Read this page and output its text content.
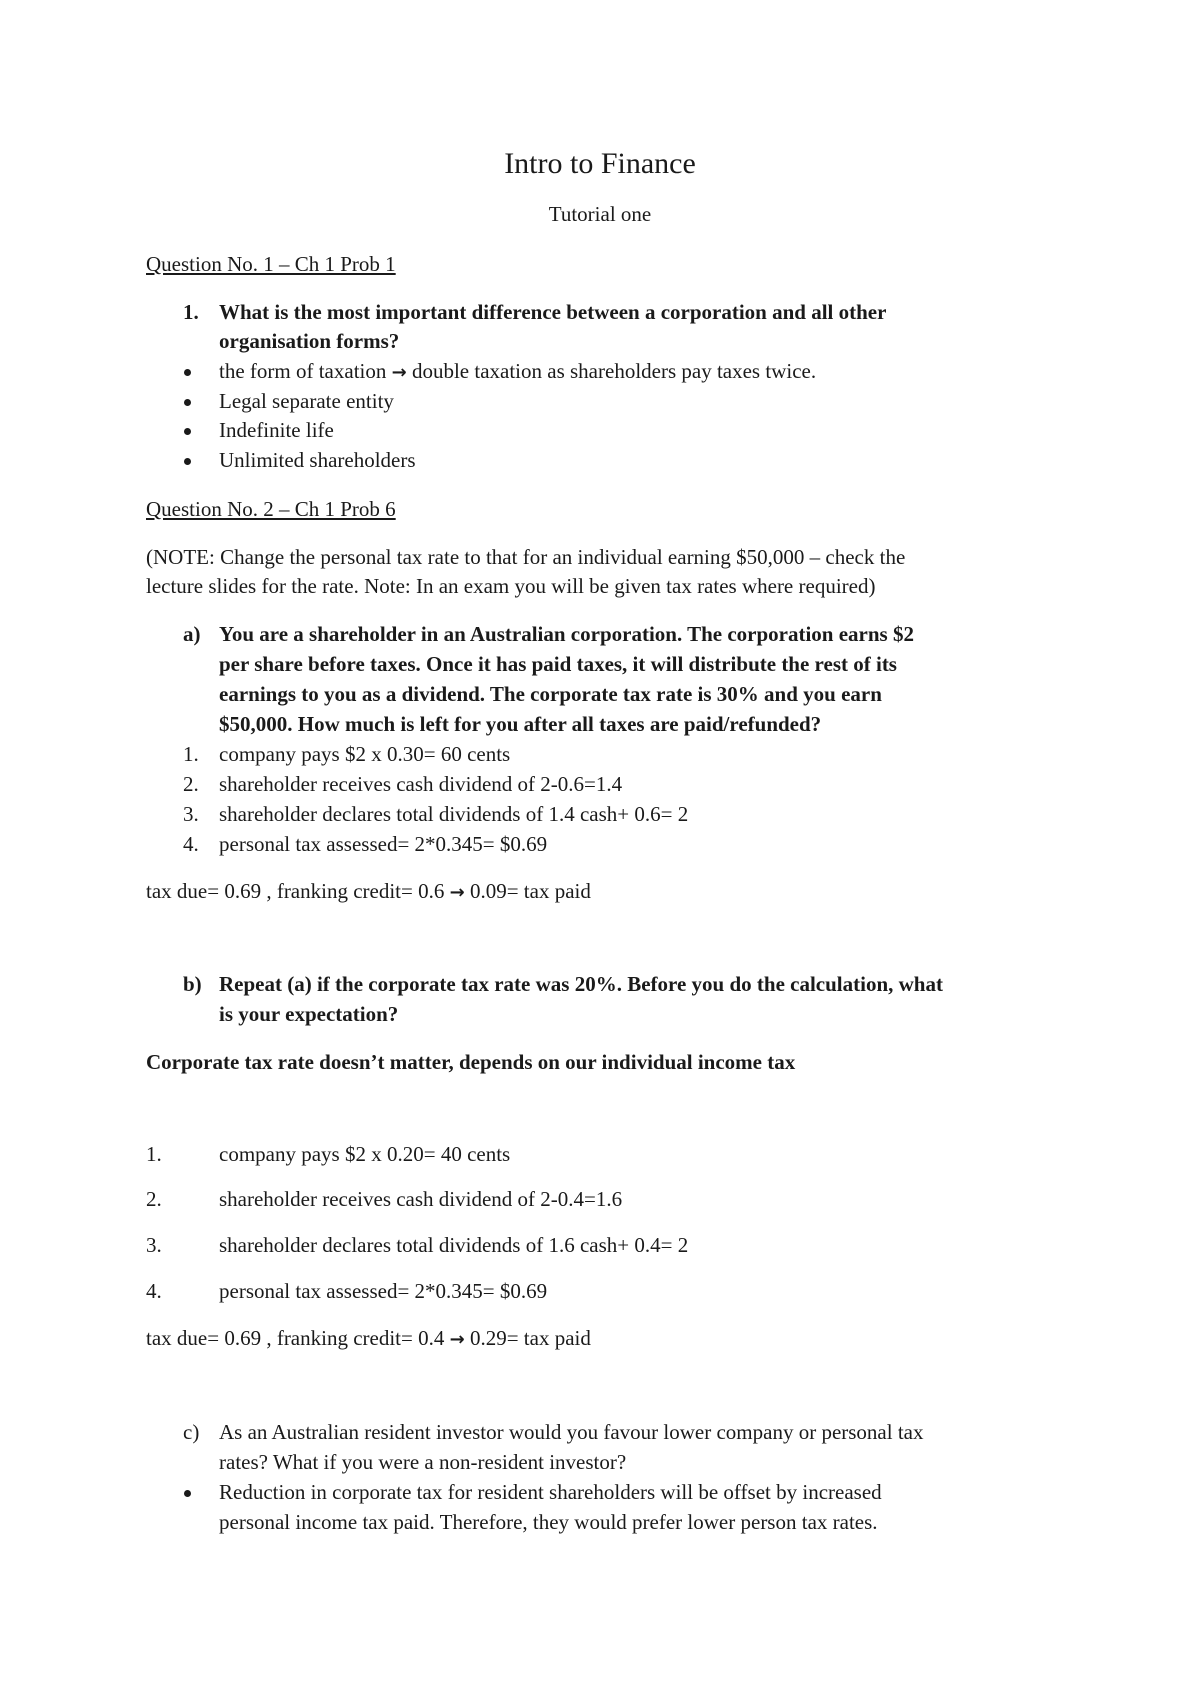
Intro to Finance
Tutorial one
Question No. 1 – Ch 1 Prob 1
1. What is the most important difference between a corporation and all other
organisation forms?
the form of taxation → double taxation as shareholders pay taxes twice.
Legal separate entity
Indefinite life
Unlimited shareholders
Question No. 2 – Ch 1 Prob 6
(NOTE: Change the personal tax rate to that for an individual earning $50,000 – check the
lecture slides for the rate. Note: In an exam you will be given tax rates where required)
a) You are a shareholder in an Australian corporation. The corporation earns $2
per share before taxes. Once it has paid taxes, it will distribute the rest of its
earnings to you as a dividend. The corporate tax rate is 30% and you earn
$50,000. How much is left for you after all taxes are paid/refunded?
1. company pays $2 x 0.30= 60 cents
2. shareholder receives cash dividend of 2-0.6=1.4
3. shareholder declares total dividends of 1.4 cash+ 0.6= 2
4. personal tax assessed= 2*0.345= $0.69
tax due= 0.69 , franking credit= 0.6 → 0.09= tax paid
b) Repeat (a) if the corporate tax rate was 20%. Before you do the calculation, what
is your expectation?
Corporate tax rate doesn’t matter, depends on our individual income tax
1.	company pays $2 x 0.20= 40 cents
2.	shareholder receives cash dividend of 2-0.4=1.6
3.	shareholder declares total dividends of 1.6 cash+ 0.4= 2
4.	personal tax assessed= 2*0.345= $0.69
tax due= 0.69 , franking credit= 0.4 → 0.29= tax paid
c) As an Australian resident investor would you favour lower company or personal tax
rates? What if you were a non-resident investor?
Reduction in corporate tax for resident shareholders will be offset by increased
personal income tax paid. Therefore, they would prefer lower person tax rates.
